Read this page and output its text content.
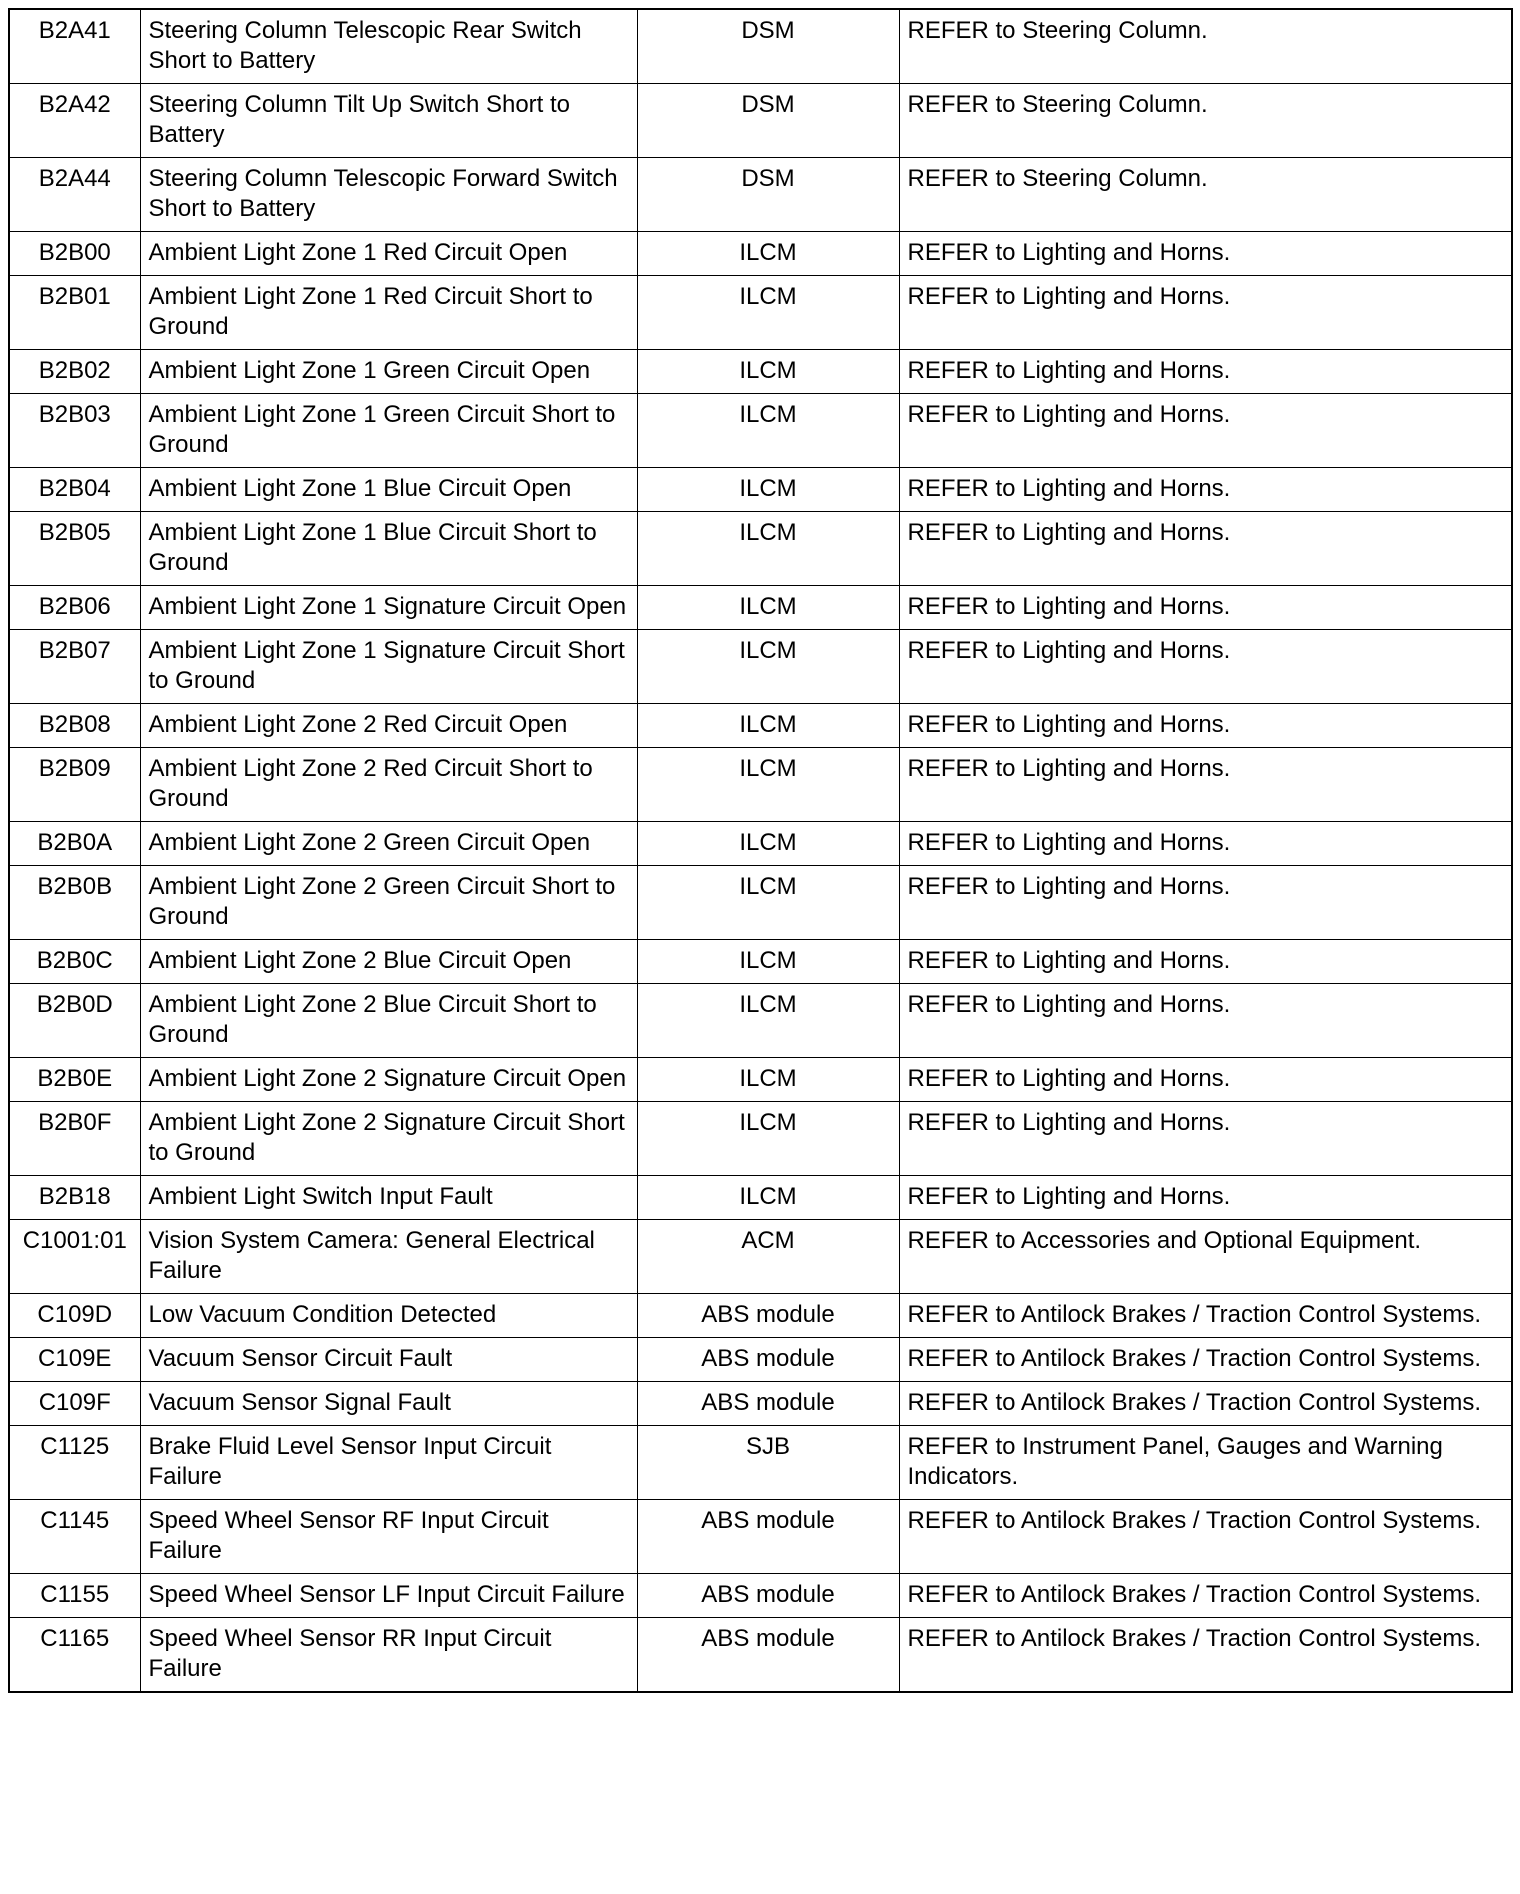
B2A41	Steering Column Telescopic Rear Switch Short to Battery	DSM	REFER to Steering Column.
B2A42	Steering Column Tilt Up Switch Short to Battery	DSM	REFER to Steering Column.
B2A44	Steering Column Telescopic Forward Switch Short to Battery	DSM	REFER to Steering Column.
B2B00	Ambient Light Zone 1 Red Circuit Open	ILCM	REFER to Lighting and Horns.
B2B01	Ambient Light Zone 1 Red Circuit Short to Ground	ILCM	REFER to Lighting and Horns.
B2B02	Ambient Light Zone 1 Green Circuit Open	ILCM	REFER to Lighting and Horns.
B2B03	Ambient Light Zone 1 Green Circuit Short to Ground	ILCM	REFER to Lighting and Horns.
B2B04	Ambient Light Zone 1 Blue Circuit Open	ILCM	REFER to Lighting and Horns.
B2B05	Ambient Light Zone 1 Blue Circuit Short to Ground	ILCM	REFER to Lighting and Horns.
B2B06	Ambient Light Zone 1 Signature Circuit Open	ILCM	REFER to Lighting and Horns.
B2B07	Ambient Light Zone 1 Signature Circuit Short to Ground	ILCM	REFER to Lighting and Horns.
B2B08	Ambient Light Zone 2 Red Circuit Open	ILCM	REFER to Lighting and Horns.
B2B09	Ambient Light Zone 2 Red Circuit Short to Ground	ILCM	REFER to Lighting and Horns.
B2B0A	Ambient Light Zone 2 Green Circuit Open	ILCM	REFER to Lighting and Horns.
B2B0B	Ambient Light Zone 2 Green Circuit Short to Ground	ILCM	REFER to Lighting and Horns.
B2B0C	Ambient Light Zone 2 Blue Circuit Open	ILCM	REFER to Lighting and Horns.
B2B0D	Ambient Light Zone 2 Blue Circuit Short to Ground	ILCM	REFER to Lighting and Horns.
B2B0E	Ambient Light Zone 2 Signature Circuit Open	ILCM	REFER to Lighting and Horns.
B2B0F	Ambient Light Zone 2 Signature Circuit Short to Ground	ILCM	REFER to Lighting and Horns.
B2B18	Ambient Light Switch Input Fault	ILCM	REFER to Lighting and Horns.
C1001:01	Vision System Camera: General Electrical Failure	ACM	REFER to Accessories and Optional Equipment.
C109D	Low Vacuum Condition Detected	ABS module	REFER to Antilock Brakes / Traction Control Systems.
C109E	Vacuum Sensor Circuit Fault	ABS module	REFER to Antilock Brakes / Traction Control Systems.
C109F	Vacuum Sensor Signal Fault	ABS module	REFER to Antilock Brakes / Traction Control Systems.
C1125	Brake Fluid Level Sensor Input Circuit Failure	SJB	REFER to Instrument Panel, Gauges and Warning Indicators.
C1145	Speed Wheel Sensor RF Input Circuit Failure	ABS module	REFER to Antilock Brakes / Traction Control Systems.
C1155	Speed Wheel Sensor LF Input Circuit Failure	ABS module	REFER to Antilock Brakes / Traction Control Systems.
C1165	Speed Wheel Sensor RR Input Circuit Failure	ABS module	REFER to Antilock Brakes / Traction Control Systems.
